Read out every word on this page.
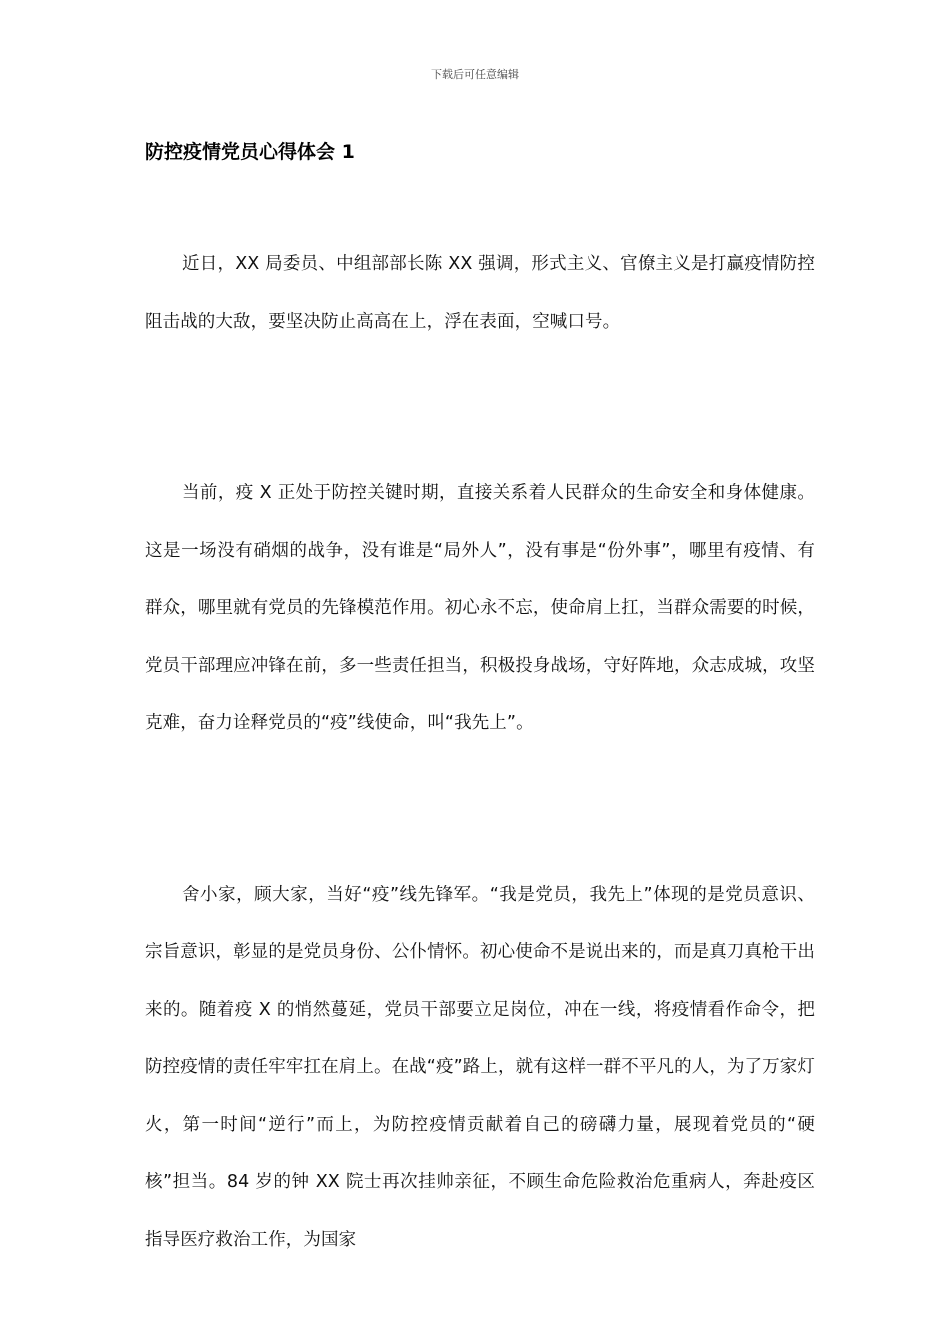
下载后可任意编辑
防控疫情党员心得体会 1

近日，XX 局委员、中组部部长陈 XX 强调，形式主义、官僚主义是打赢疫情防控阻击战的大敌，要坚决防止高高在上，浮在表面，空喊口号。

当前，疫 X 正处于防控关键时期，直接关系着人民群众的生命安全和身体健康。这是一场没有硝烟的战争，没有谁是“局外人”，没有事是“份外事”，哪里有疫情、有群众，哪里就有党员的先锋模范作用。初心永不忘，使命肩上扛，当群众需要的时候，党员干部理应冲锋在前，多一些责任担当，积极投身战场，守好阵地，众志成城，攻坚克难，奋力诠释党员的“疫”线使命，叫“我先上”。

舍小家，顾大家，当好“疫”线先锋军。“我是党员，我先上”体现的是党员意识、宗旨意识，彰显的是党员身份、公仆情怀。初心使命不是说出来的，而是真刀真枪干出来的。随着疫 X 的悄然蔓延，党员干部要立足岗位，冲在一线，将疫情看作命令，把防控疫情的责任牢牢扛在肩上。在战“疫”路上，就有这样一群不平凡的人，为了万家灯火，第一时间“逆行”而上，为防控疫情贡献着自己的磅礴力量，展现着党员的“硬核”担当。84 岁的钟 XX 院士再次挂帅亲征，不顾生命危险救治危重病人，奔赴疫区指导医疗救治工作，为国家
